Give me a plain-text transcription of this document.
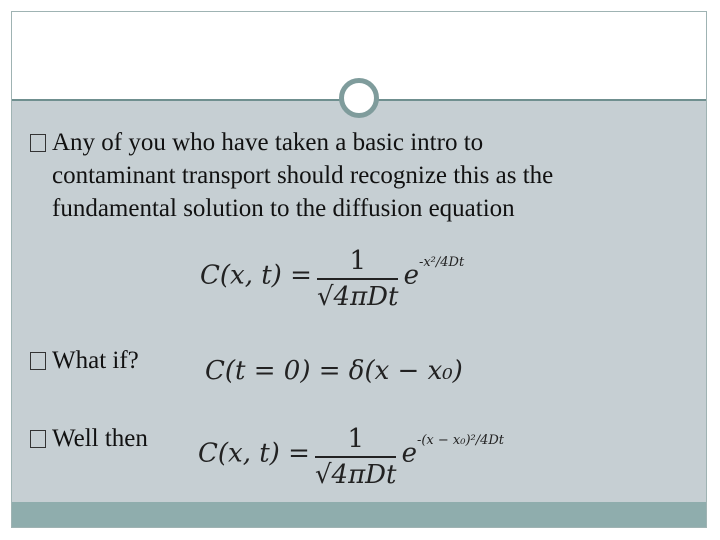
Any of you who have taken a basic intro to
contaminant transport should recognize this as the
fundamental solution to the diffusion equation
C(x, $t) = \frac{1}{\text{√4πDt}} e^{-x^2/4Dt}$
What if?	C(t = 0) = δ(x − x₀)
Well then C(x, $t) = \frac{1}{\text{√4πDt}} e^{-(x - x_0)^2/4Dt}$
